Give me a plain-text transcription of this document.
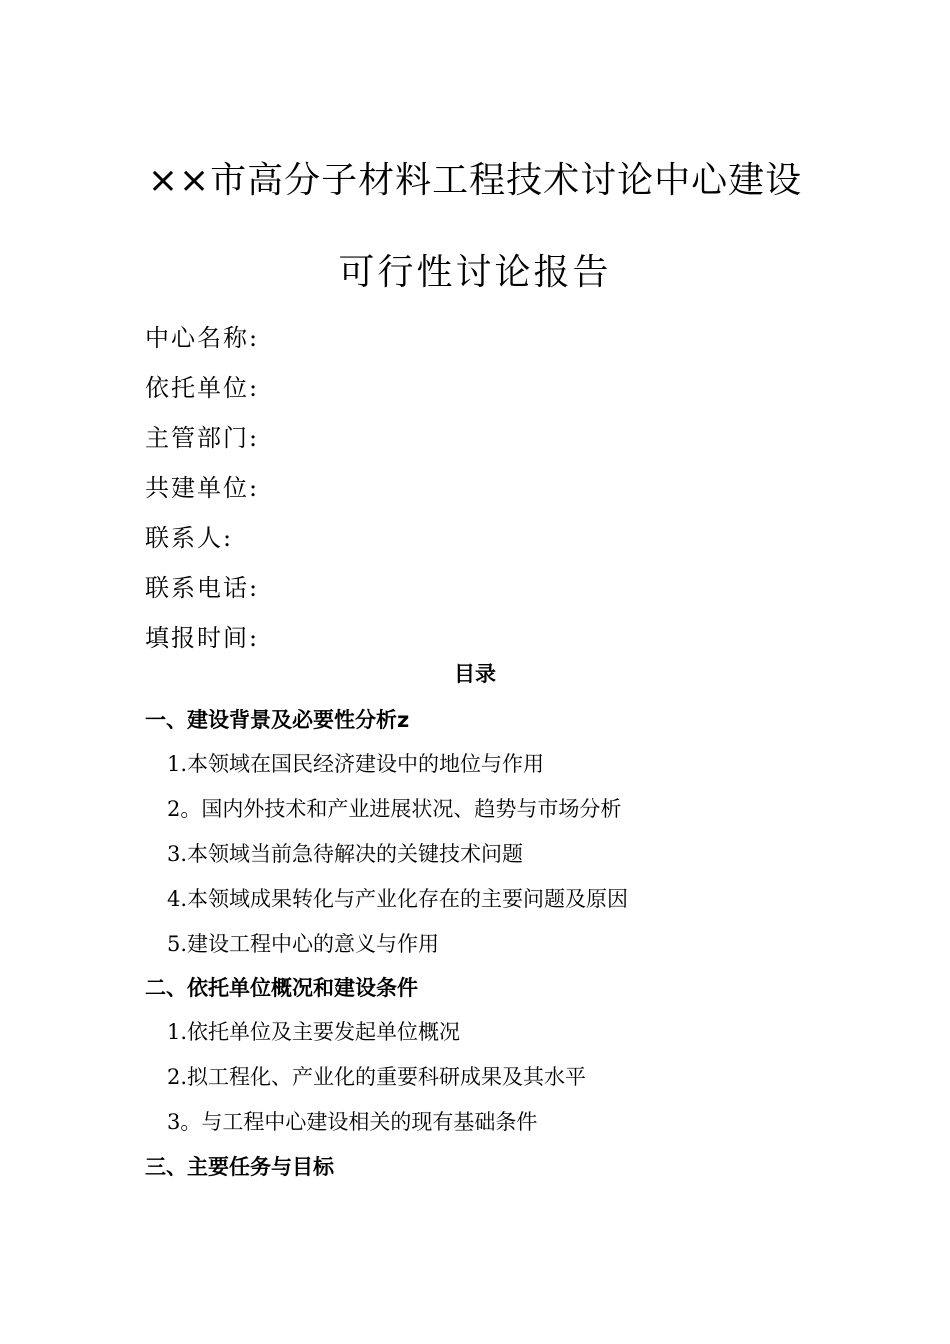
××市高分子材料工程技术讨论中心建设
可行性讨论报告
中心名称:
依托单位:
主管部门:
共建单位:
联系人:
联系电话:
填报时间:
目录
一、建设背景及必要性分析z
1.本领域在国民经济建设中的地位与作用
2。国内外技术和产业进展状况、趋势与市场分析
3.本领域当前急待解决的关键技术问题
4.本领域成果转化与产业化存在的主要问题及原因
5.建设工程中心的意义与作用
二、依托单位概况和建设条件
1.依托单位及主要发起单位概况
2.拟工程化、产业化的重要科研成果及其水平
3。与工程中心建设相关的现有基础条件
三、主要任务与目标
